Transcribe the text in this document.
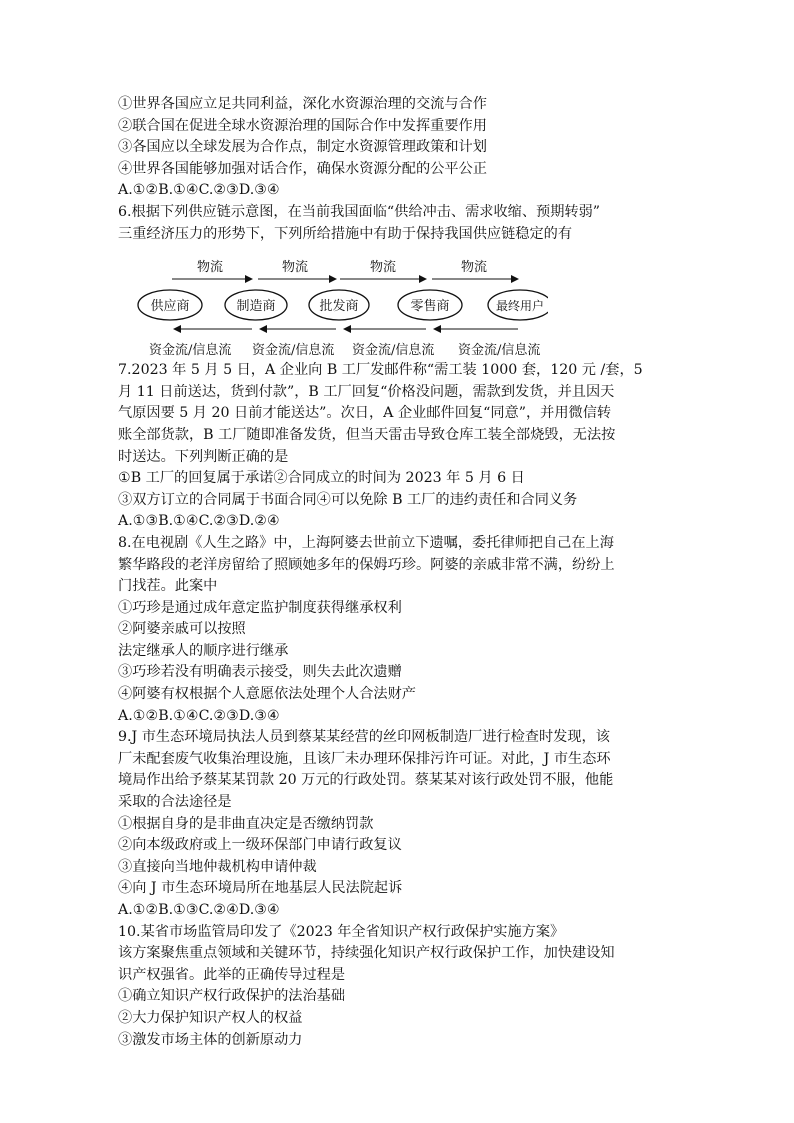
①世界各国应立足共同利益，深化水资源治理的交流与合作

②联合国在促进全球水资源治理的国际合作中发挥重要作用

③各国应以全球发展为合作点，制定水资源管理政策和计划

④世界各国能够加强对话合作，确保水资源分配的公平公正

A.①②B.①④C.②③D.③④

6.根据下列供应链示意图，在当前我国面临“供给冲击、需求收缩、预期转弱”

三重经济压力的形势下，下列所给措施中有助于保持我国供应链稳定的有

供应商	制造商	批发商	零售商	最终用户
物流	物流	物流	物流
资金流/信息流 资金流/信息流 资金流/信息流 资金流/信息流

7.2023 年 5 月 5 日，A 企业向 B 工厂发邮件称“需工装 1000 套，120 元 /套，5

月 11 日前送达，货到付款”，B 工厂回复“价格没问题，需款到发货，并且因天

气原因要 5 月 20 日前才能送达”。次日，A 企业邮件回复“同意”，并用微信转

账全部货款，B 工厂随即准备发货，但当天雷击导致仓库工装全部烧毁，无法按

时送达。下列判断正确的是

①B 工厂的回复属于承诺②合同成立的时间为 2023 年 5 月 6 日

③双方订立的合同属于书面合同④可以免除 B 工厂的违约责任和合同义务

A.①③B.①④C.②③D.②④

8.在电视剧《人生之路》中，上海阿婆去世前立下遗嘱，委托律师把自己在上海

繁华路段的老洋房留给了照顾她多年的保姆巧珍。阿婆的亲戚非常不满，纷纷上

门找茬。此案中

①巧珍是通过成年意定监护制度获得继承权利

②阿婆亲戚可以按照

法定继承人的顺序进行继承

③巧珍若没有明确表示接受，则失去此次遗赠

④阿婆有权根据个人意愿依法处理个人合法财产

A.①②B.①④C.②③D.③④

9.J 市生态环境局执法人员到蔡某某经营的丝印网板制造厂进行检查时发现，该

厂未配套废气收集治理设施，且该厂未办理环保排污许可证。对此，J 市生态环

境局作出给予蔡某某罚款 20 万元的行政处罚。蔡某某对该行政处罚不服，他能

采取的合法途径是

①根据自身的是非曲直决定是否缴纳罚款

②向本级政府或上一级环保部门申请行政复议

③直接向当地仲裁机构申请仲裁

④向 J 市生态环境局所在地基层人民法院起诉

A.①②B.①③C.②④D.③④

10.某省市场监管局印发了《2023 年全省知识产权行政保护实施方案》

该方案聚焦重点领域和关键环节，持续强化知识产权行政保护工作，加快建设知

识产权强省。此举的正确传导过程是

①确立知识产权行政保护的法治基础

②大力保护知识产权人的权益

③激发市场主体的创新原动力
